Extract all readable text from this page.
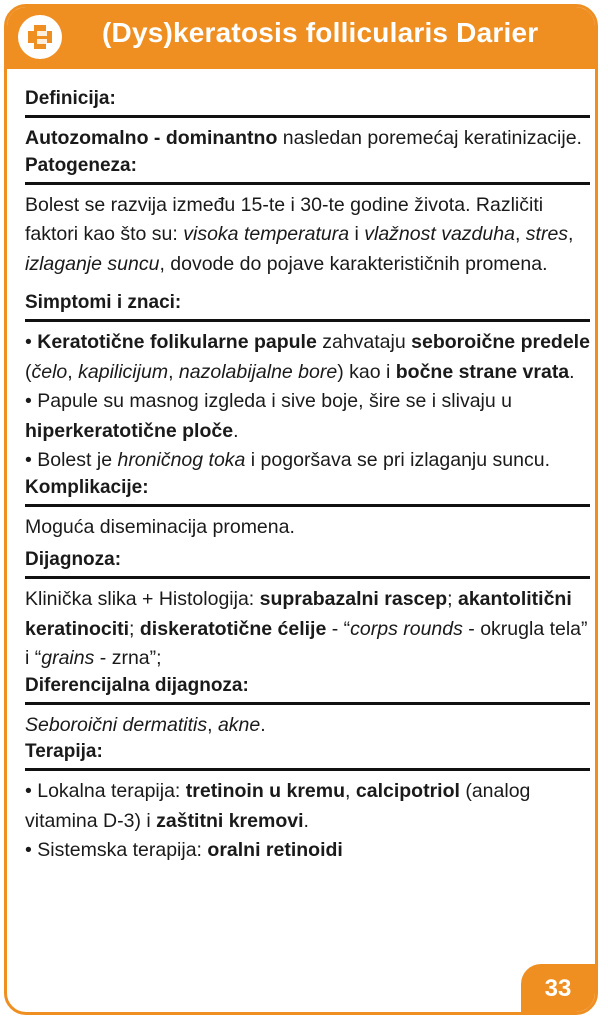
(Dys)keratosis follicularis Darier
Definicija:

Autozomalno - dominantno nasledan poremećaj keratinizacije.

Patogeneza:

Bolest se razvija između 15-te i 30-te godine života. Različiti faktori kao što su: visoka temperatura i vlažnost vazduha, stres, izlaganje suncu, dovode do pojave karakterističnih promena.

Simptomi i znaci:

• Keratotične folikularne papule zahvataju seboroične predele (čelo, kapilicijum, nazolabijalne bore) kao i bočne strane vrata.

• Papule su masnog izgleda i sive boje, šire se i slivaju u hiperkeratotične ploče.

• Bolest je hroničnog toka i pogoršava se pri izlaganju suncu.

Komplikacije:

Moguća diseminacija promena.

Dijagnoza:

Klinička slika + Histologija: suprabazalni rascep; akantolitični keratinociti; diskeratotične ćelije - “corps rounds - okrugla tela” i “grains - zrna”;

Diferencijalna dijagnoza:

Seboroični dermatitis, akne.

Terapija:

• Lokalna terapija: tretinoin u kremu, calcipotriol (analog vitamina D-3) i zaštitni kremovi.

• Sistemska terapija: oralni retinoidi

33
